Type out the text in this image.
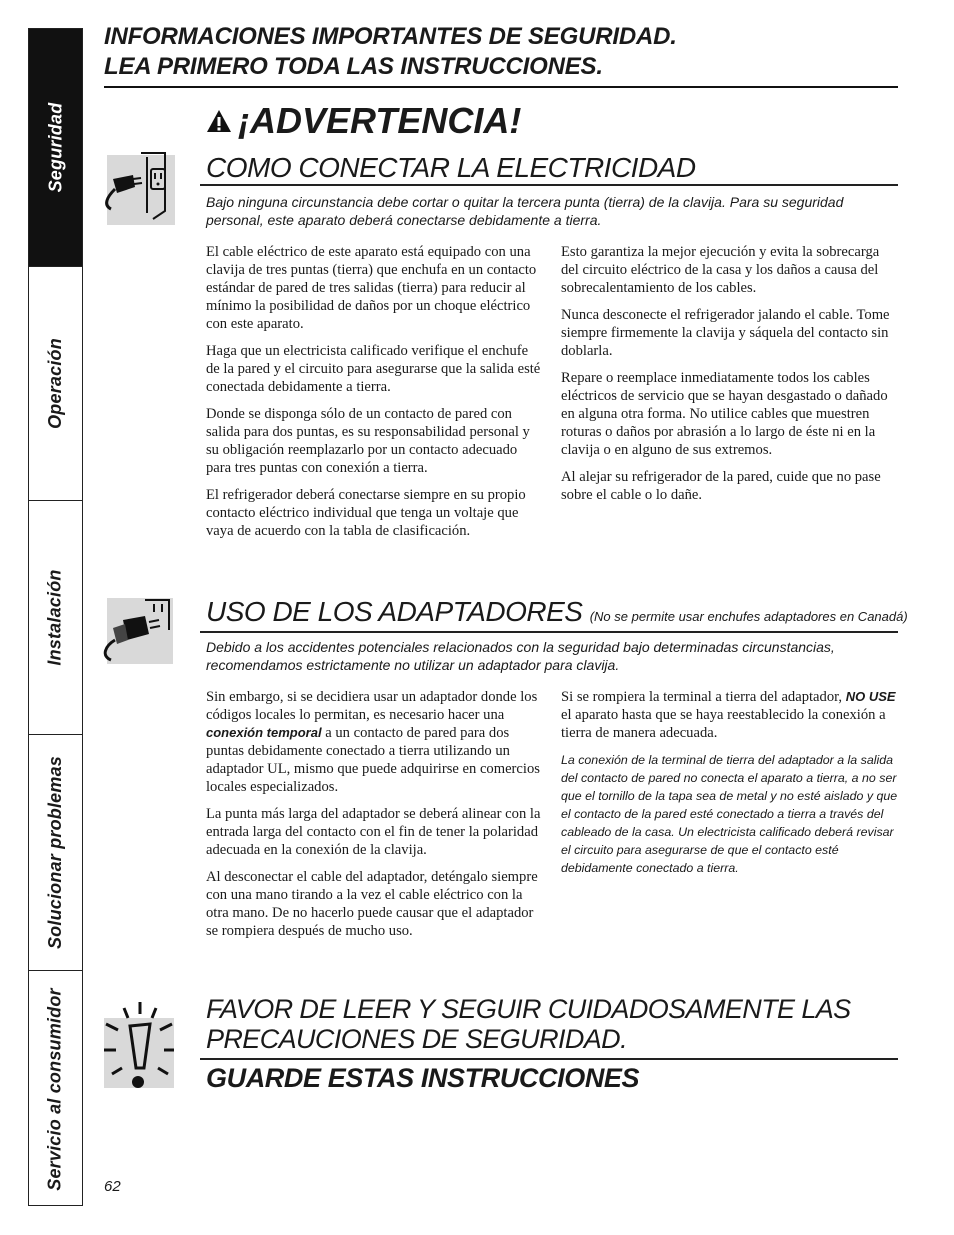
Seguridad
Operación
Instalación
Solucionar problemas
Servicio al consumidor
INFORMACIONES IMPORTANTES DE SEGURIDAD.
LEA PRIMERO TODA LAS INSTRUCCIONES.
¡ADVERTENCIA!
COMO CONECTAR LA ELECTRICIDAD
Bajo ninguna circunstancia debe cortar o quitar la tercera punta (tierra) de la clavija. Para su seguridad personal, este aparato deberá conectarse debidamente a tierra.

El cable eléctrico de este aparato está equipado con una clavija de tres puntas (tierra) que enchufa en un contacto estándar de pared de tres salidas (tierra) para reducir al mínimo la posibilidad de daños por un choque eléctrico con este aparato.

Haga que un electricista calificado verifique el enchufe de la pared y el circuito para asegurarse que la salida esté conectada debidamente a tierra.

Donde se disponga sólo de un contacto de pared con salida para dos puntas, es su responsabilidad personal y su obligación reemplazarlo por un contacto adecuado para tres puntas con conexión a tierra.

El refrigerador deberá conectarse siempre en su propio contacto eléctrico individual que tenga un voltaje que vaya de acuerdo con la tabla de clasificación.

Esto garantiza la mejor ejecución y evita la sobrecarga del circuito eléctrico de la casa y los daños a causa del sobrecalentamiento de los cables.

Nunca desconecte el refrigerador jalando el cable. Tome siempre firmemente la clavija y sáquela del contacto sin doblarla.

Repare o reemplace inmediatamente todos los cables eléctricos de servicio que se hayan desgastado o dañado en alguna otra forma. No utilice cables que muestren roturas o daños por abrasión a lo largo de éste ni en la clavija o en alguno de sus extremos.

Al alejar su refrigerador de la pared, cuide que no pase sobre el cable o lo dañe.

USO DE LOS ADAPTADORES (No se permite usar enchufes adaptadores en Canadá)
Debido a los accidentes potenciales relacionados con la seguridad bajo determinadas circunstancias, recomendamos estrictamente no utilizar un adaptador para clavija.

Sin embargo, si se decidiera usar un adaptador donde los códigos locales lo permitan, es necesario hacer una conexión temporal a un contacto de pared para dos puntas debidamente conectado a tierra utilizando un adaptador UL, mismo que puede adquirirse en comercios locales especializados.

La punta más larga del adaptador se deberá alinear con la entrada larga del contacto con el fin de tener la polaridad adecuada en la conexión de la clavija.

Al desconectar el cable del adaptador, deténgalo siempre con una mano tirando a la vez el cable eléctrico con la otra mano. De no hacerlo puede causar que el adaptador se rompiera después de mucho uso.

Si se rompiera la terminal a tierra del adaptador, NO USE el aparato hasta que se haya reestablecido la conexión a tierra de manera adecuada.

La conexión de la terminal de tierra del adaptador a la salida del contacto de pared no conecta el aparato a tierra, a no ser que el tornillo de la tapa sea de metal y no esté aislado y que el contacto de la pared esté conectado a tierra a través del cableado de la casa. Un electricista calificado deberá revisar el circuito para asegurarse de que el contacto esté debidamente conectado a tierra.

FAVOR DE LEER Y SEGUIR CUIDADOSAMENTE LAS PRECAUCIONES DE SEGURIDAD.
GUARDE ESTAS INSTRUCCIONES
62
